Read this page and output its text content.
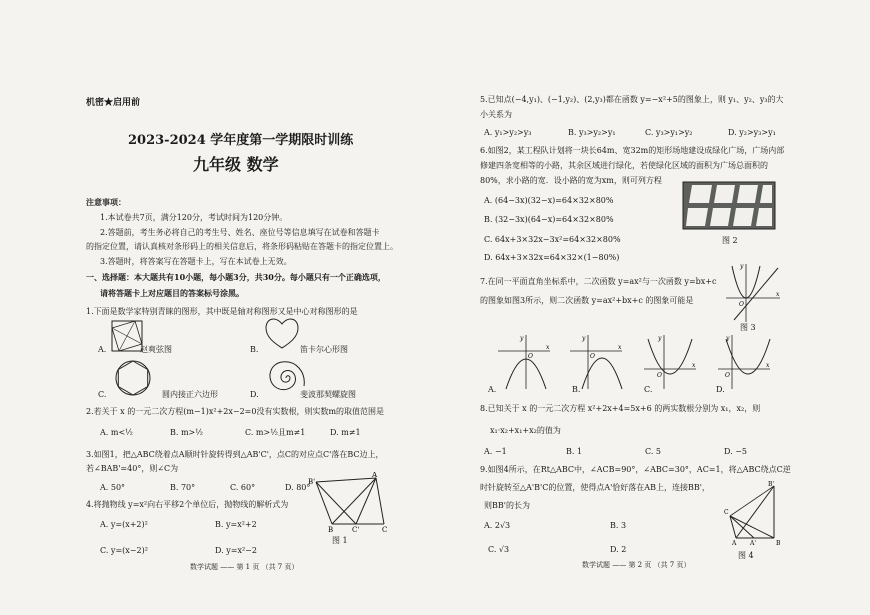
机密★启用前
2023-2024 学年度第一学期限时训练
九年级 数学
注意事项：
1.本试卷共7页，满分120分，考试时间为120分钟。
2.答题前，考生务必将自己的考生号、姓名、座位号等信息填写在试卷和答题卡
的指定位置，请认真核对条形码上的相关信息后，将条形码粘贴在答题卡的指定位置上。
3.答题时，将答案写在答题卡上，写在本试卷上无效。
一、选择题：本大题共有10小题，每小题3分，共30分。每小题只有一个正确选项，
请将答题卡上对应题目的答案标号涂黑。
1.下面是数学家特别青睐的图形，其中既是轴对称图形又是中心对称图形的是
A.	赵爽弦图	B.	笛卡尔心形图
C.	圆内接正六边形	D.	斐波那契螺旋图
2.若关于 x 的一元二次方程(m−1)x²+2x−2=0没有实数根，则实数m的取值范围是
A. m<½	B. m>½	C. m>½且m≠1	D. m≠1
3.如图1，把△ABC绕着点A顺时针旋转得到△AB'C'，点C的对应点C'落在BC边上，
若∠BAB'=40°，则∠C为
A. 50°	B. 70°	C. 60°	D. 80°
B'
A
B	C'	C
4.将抛物线 y=x²向右平移2个单位后，抛物线的解析式为
A. y=(x+2)²	B. y=x²+2
C. y=(x−2)²	D. y=x²−2
图 1
数学试题 —— 第 1 页 （共 7 页）
5.已知点(−4,y₁)、(−1,y₂)、(2,y₃)都在函数 y=−x²+5的图象上，则 y₁、y₂、y₃的大
小关系为
A. y₁>y₂>y₃	B. y₃>y₂>y₁	C. y₃>y₁>y₂	D. y₂>y₃>y₁
6.如图2，某工程队计划将一块长64m、宽32m的矩形场地建设成绿化广场，广场内部
修建四条宽相等的小路，其余区域进行绿化，若使绿化区域的面积为广场总面积的
80%，求小路的宽．设小路的宽为xm，则可列方程
A. (64−3x)(32−x)=64×32×80%
B. (32−3x)(64−x)=64×32×80%
C. 64x+3×32x−3x²=64×32×80%
D. 64x+3×32x=64×32×(1−80%)
图 2
7.在同一平面直角坐标系中，二次函数 y=ax²与一次函数 y=bx+c
的图象如图3所示，则二次函数 y=ax²+bx+c 的图象可能是
y
x
O
图 3
y
x
O
A.
y
x
O
B.
y
x
O
C.
y
x
O
D.
8.已知关于 x 的一元二次方程 x²+2x+4=5x+6 的两实数根分别为 x₁，x₂，则
x₁·x₂+x₁+x₂的值为
A. −1	B. 1	C. 5	D. −5
9.如图4所示，在Rt△ABC中，∠ACB=90°，∠ABC=30°，AC=1，将△ABC绕点C逆
时针旋转至△A'B'C的位置，使得点A'恰好落在AB上，连接BB'，
则BB'的长为
A. 2√3	B. 3
C. √3	D. 2
B'
C
A A'	B
图 4
数学试题 —— 第 2 页 （共 7 页）
